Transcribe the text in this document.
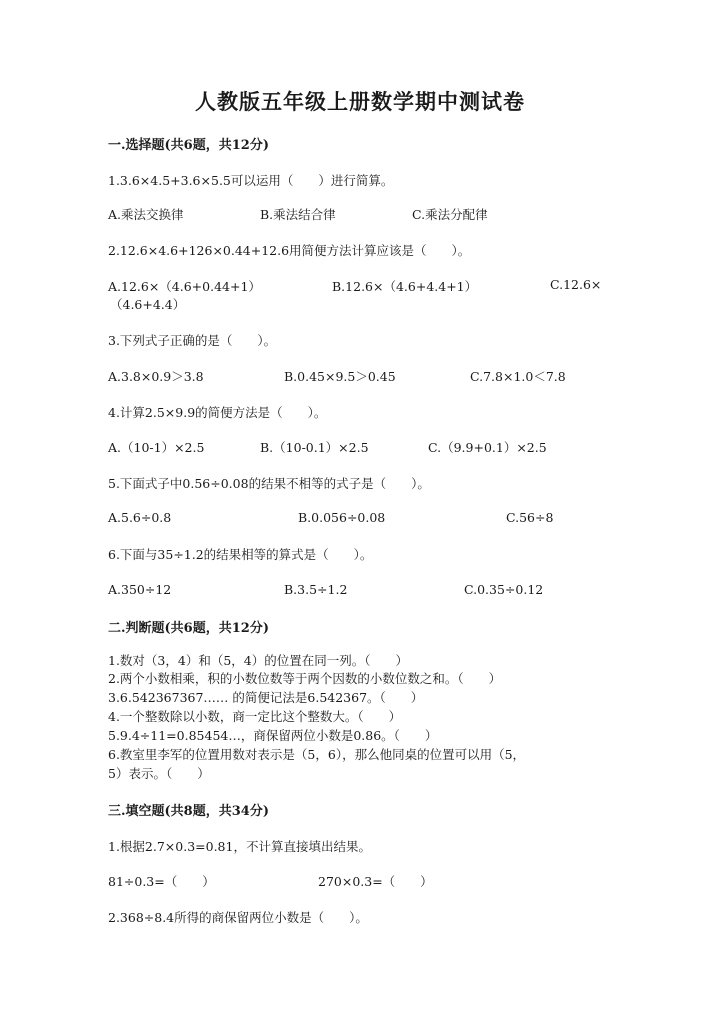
人教版五年级上册数学期中测试卷
一.选择题(共6题，共12分)
1.3.6×4.5+3.6×5.5可以运用（　　）进行简算。
A.乘法交换律	B.乘法结合律	C.乘法分配律
2.12.6×4.6+126×0.44+12.6用简便方法计算应该是（　　）。
A.12.6×（4.6+0.44+1）	B.12.6×（4.6+4.4+1）	C.12.6×
（4.6+4.4）
3.下列式子正确的是（　　）。
A.3.8×0.9＞3.8	B.0.45×9.5＞0.45	C.7.8×1.0＜7.8
4.计算2.5×9.9的简便方法是（　　）。
A.（10-1）×2.5	B.（10-0.1）×2.5	C.（9.9+0.1）×2.5
5.下面式子中0.56÷0.08的结果不相等的式子是（　　）。
A.5.6÷0.8	B.0.056÷0.08	C.56÷8
6.下面与35÷1.2的结果相等的算式是（　　）。
A.350÷12	B.3.5÷1.2	C.0.35÷0.12
二.判断题(共6题，共12分)
1.数对（3，4）和（5，4）的位置在同一列。（　　）
2.两个小数相乘，积的小数位数等于两个因数的小数位数之和。（　　）
3.6.542367367…… 的简便记法是6.542367。（　　）
4.一个整数除以小数，商一定比这个整数大。（　　）
5.9.4÷11=0.85454…，商保留两位小数是0.86。（　　）
6.教室里李军的位置用数对表示是（5，6），那么他同桌的位置可以用（5，
5）表示。（　　）
三.填空题(共8题，共34分)
1.根据2.7×0.3=0.81，不计算直接填出结果。
81÷0.3=（　　）	270×0.3=（　　）
2.368÷8.4所得的商保留两位小数是（　　）。
